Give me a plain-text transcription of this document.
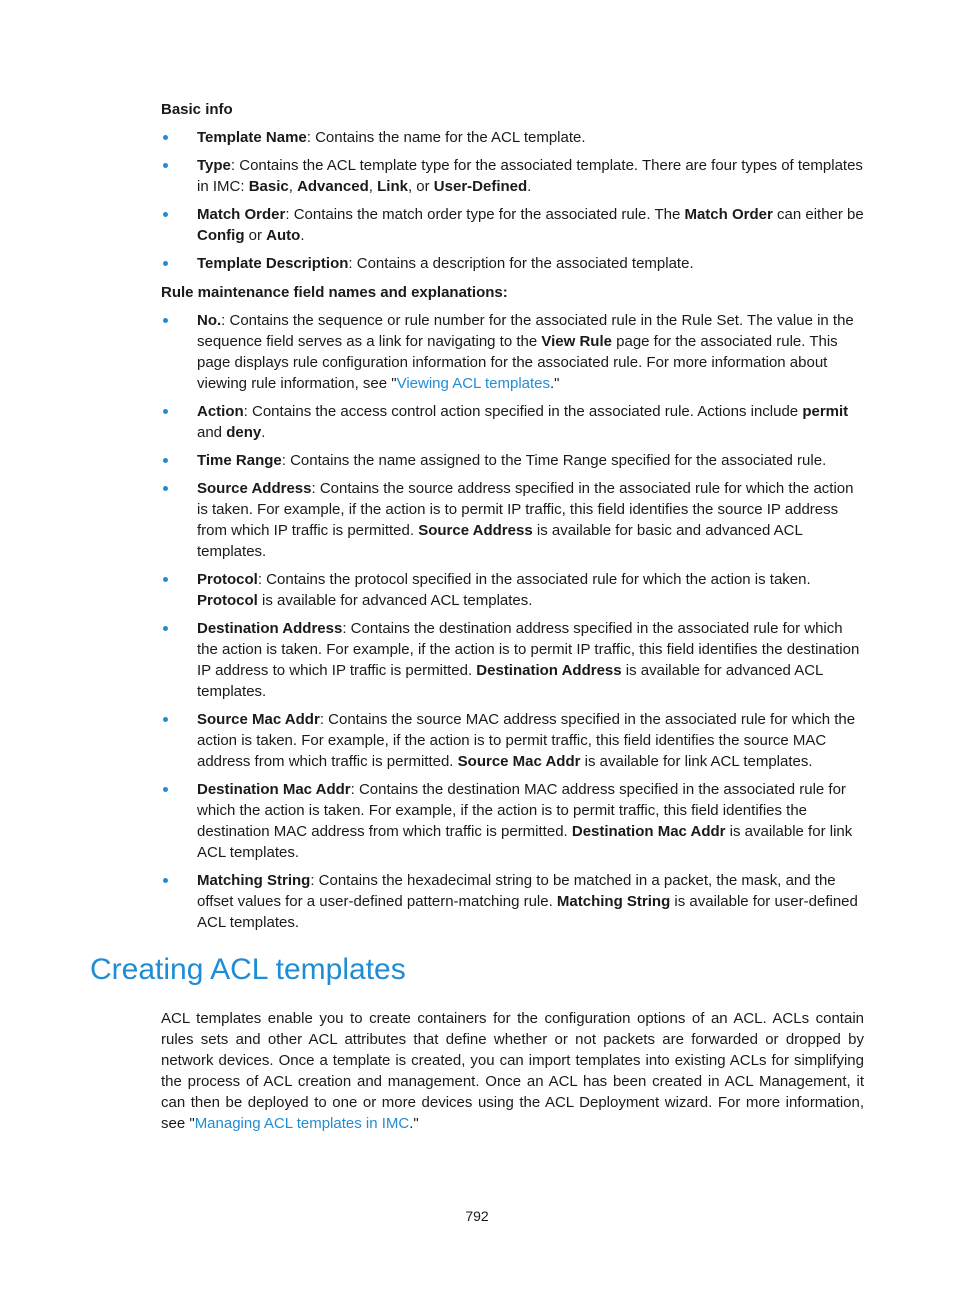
Basic info
Template Name: Contains the name for the ACL template.
Type: Contains the ACL template type for the associated template. There are four types of templates in IMC: Basic, Advanced, Link, or User-Defined.
Match Order: Contains the match order type for the associated rule. The Match Order can either be Config or Auto.
Template Description: Contains a description for the associated template.
Rule maintenance field names and explanations:
No.: Contains the sequence or rule number for the associated rule in the Rule Set. The value in the sequence field serves as a link for navigating to the View Rule page for the associated rule. This page displays rule configuration information for the associated rule. For more information about viewing rule information, see "Viewing ACL templates."
Action: Contains the access control action specified in the associated rule. Actions include permit and deny.
Time Range: Contains the name assigned to the Time Range specified for the associated rule.
Source Address: Contains the source address specified in the associated rule for which the action is taken. For example, if the action is to permit IP traffic, this field identifies the source IP address from which IP traffic is permitted. Source Address is available for basic and advanced ACL templates.
Protocol: Contains the protocol specified in the associated rule for which the action is taken. Protocol is available for advanced ACL templates.
Destination Address: Contains the destination address specified in the associated rule for which the action is taken. For example, if the action is to permit IP traffic, this field identifies the destination IP address to which IP traffic is permitted. Destination Address is available for advanced ACL templates.
Source Mac Addr: Contains the source MAC address specified in the associated rule for which the action is taken. For example, if the action is to permit traffic, this field identifies the source MAC address from which traffic is permitted. Source Mac Addr is available for link ACL templates.
Destination Mac Addr: Contains the destination MAC address specified in the associated rule for which the action is taken. For example, if the action is to permit traffic, this field identifies the destination MAC address from which traffic is permitted. Destination Mac Addr is available for link ACL templates.
Matching String: Contains the hexadecimal string to be matched in a packet, the mask, and the offset values for a user-defined pattern-matching rule. Matching String is available for user-defined ACL templates.
Creating ACL templates

ACL templates enable you to create containers for the configuration options of an ACL. ACLs contain rules sets and other ACL attributes that define whether or not packets are forwarded or dropped by network devices. Once a template is created, you can import templates into existing ACLs for simplifying the process of ACL creation and management. Once an ACL has been created in ACL Management, it can then be deployed to one or more devices using the ACL Deployment wizard. For more information, see "Managing ACL templates in IMC."

792
